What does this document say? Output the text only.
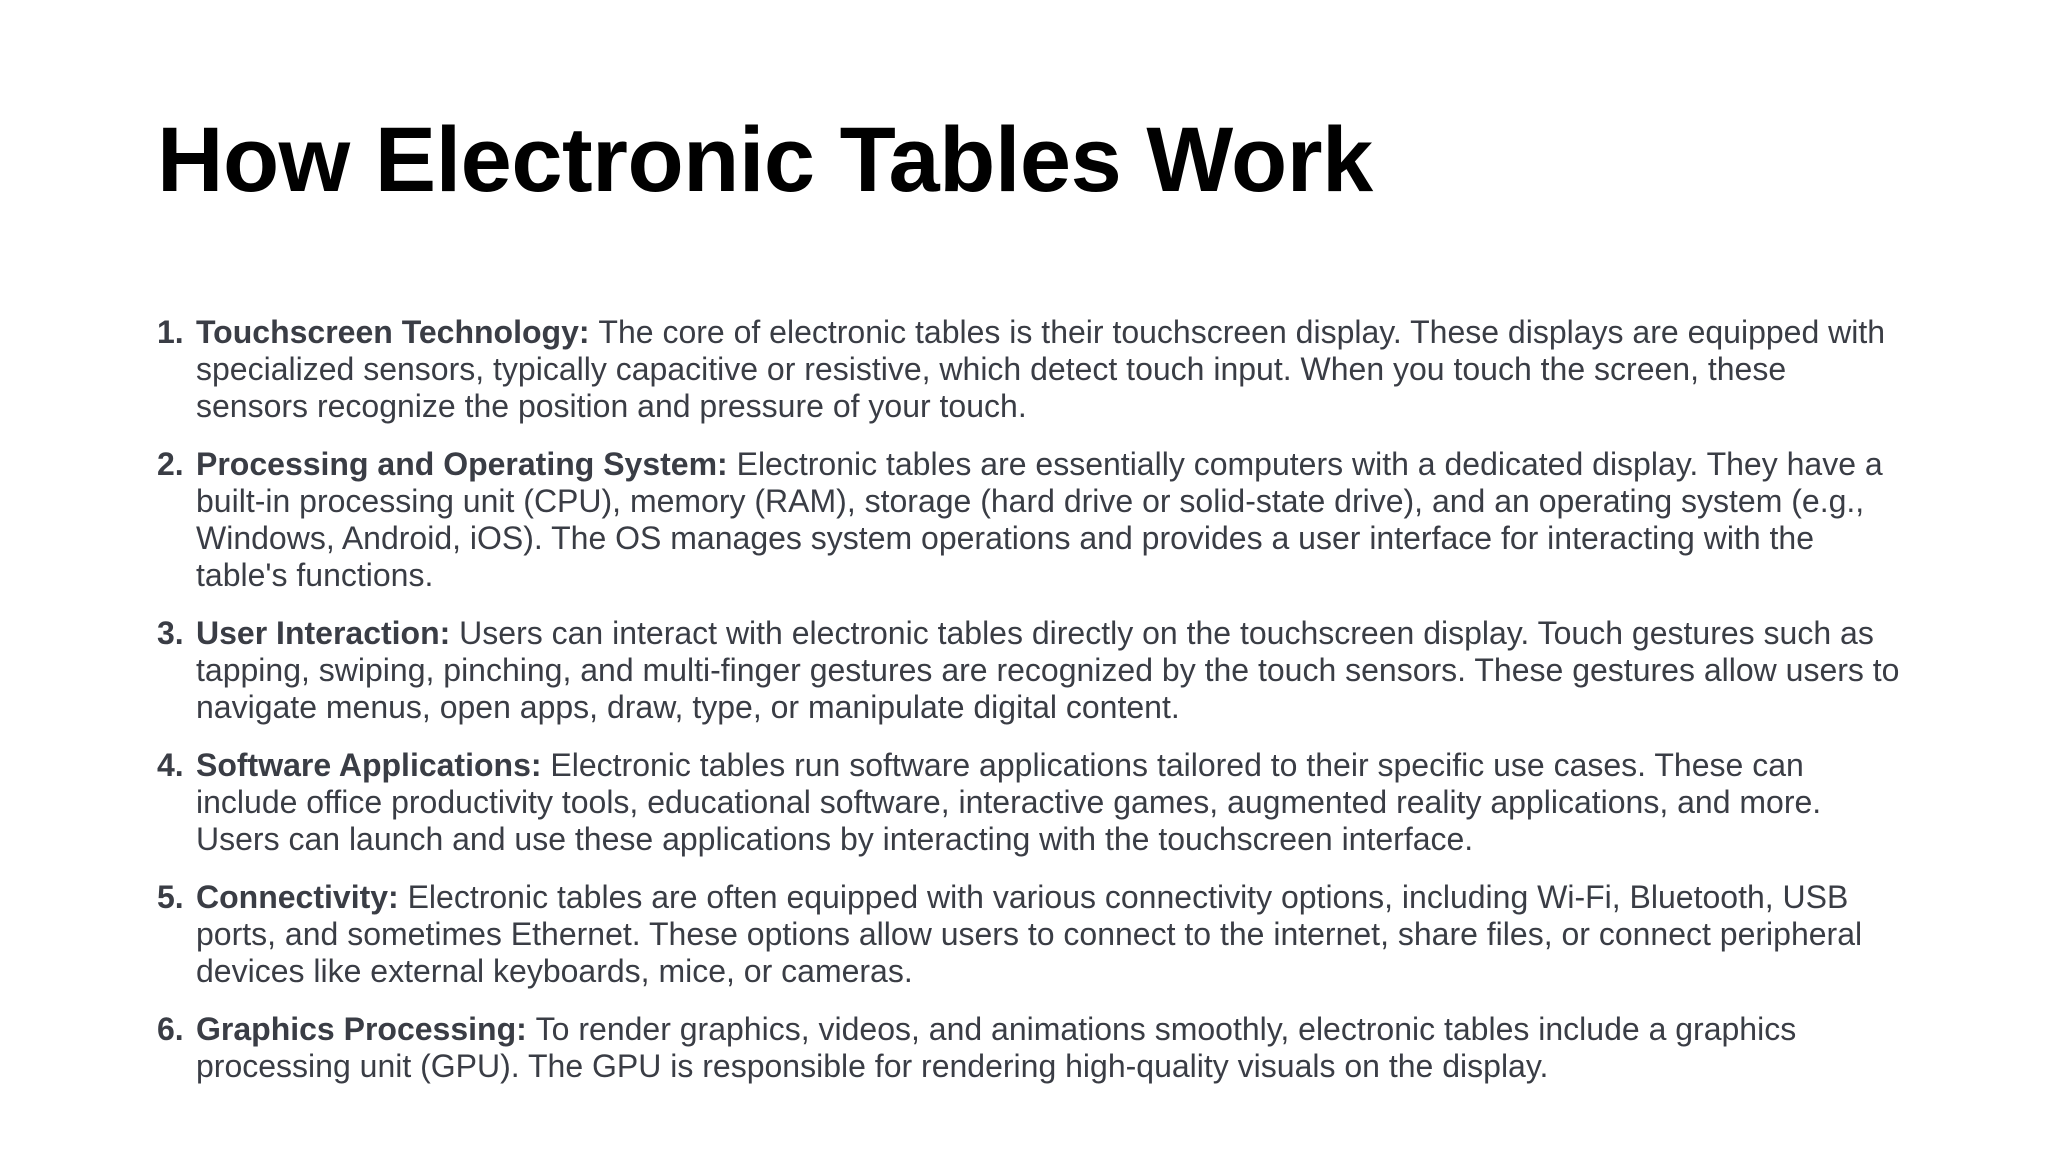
How Electronic Tables Work
1. Touchscreen Technology: The core of electronic tables is their touchscreen display. These displays are equipped with specialized sensors, typically capacitive or resistive, which detect touch input. When you touch the screen, these sensors recognize the position and pressure of your touch.
2. Processing and Operating System: Electronic tables are essentially computers with a dedicated display. They have a built-in processing unit (CPU), memory (RAM), storage (hard drive or solid-state drive), and an operating system (e.g., Windows, Android, iOS). The OS manages system operations and provides a user interface for interacting with the table's functions.
3. User Interaction: Users can interact with electronic tables directly on the touchscreen display. Touch gestures such as tapping, swiping, pinching, and multi-finger gestures are recognized by the touch sensors. These gestures allow users to navigate menus, open apps, draw, type, or manipulate digital content.
4. Software Applications: Electronic tables run software applications tailored to their specific use cases. These can include office productivity tools, educational software, interactive games, augmented reality applications, and more. Users can launch and use these applications by interacting with the touchscreen interface.
5. Connectivity: Electronic tables are often equipped with various connectivity options, including Wi-Fi, Bluetooth, USB ports, and sometimes Ethernet. These options allow users to connect to the internet, share files, or connect peripheral devices like external keyboards, mice, or cameras.
6. Graphics Processing: To render graphics, videos, and animations smoothly, electronic tables include a graphics processing unit (GPU). The GPU is responsible for rendering high-quality visuals on the display.
